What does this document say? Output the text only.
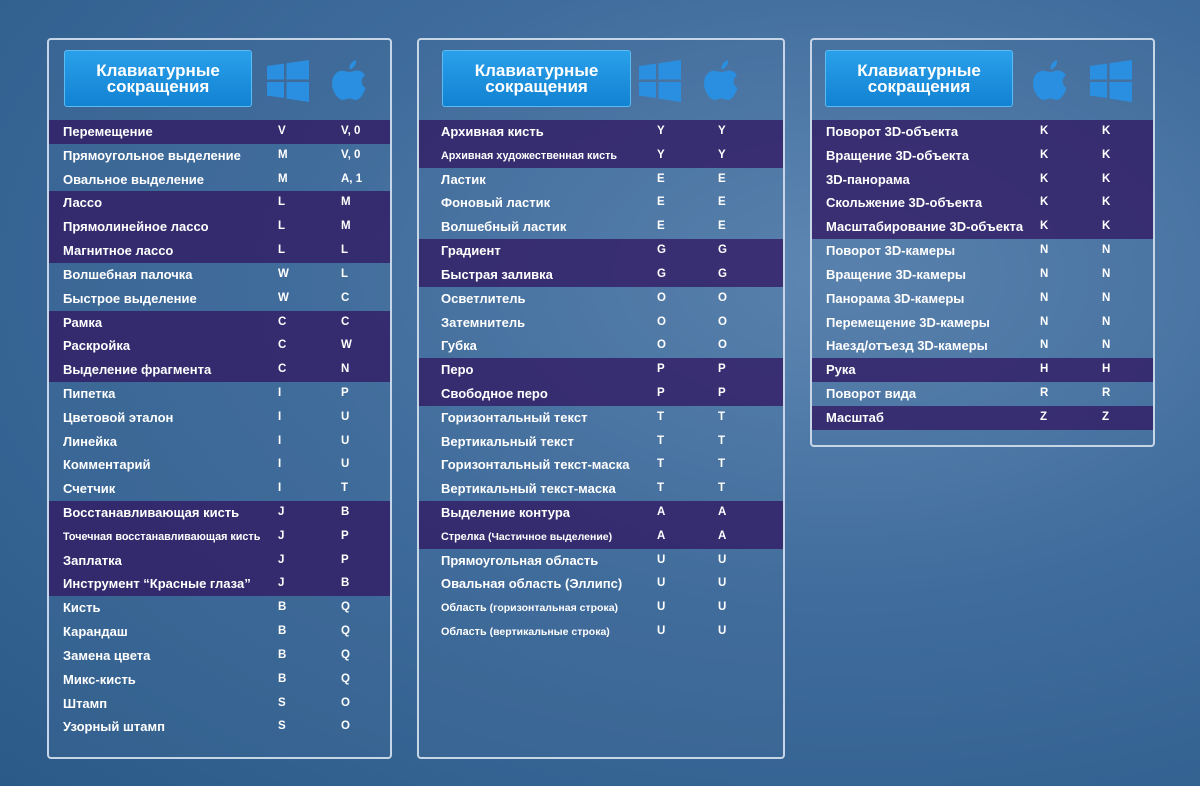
Клавиатурные
сокращения
Перемещение	V	V, 0
Прямоугольное выделение	M	V, 0
Овальное выделение	M	A, 1
Лассо	L	M
Прямолинейное лассо	L	M
Магнитное лассо	L	L
Волшебная палочка	W	L
Быстрое выделение	W	C
Рамка	C	C
Раскройка	C	W
Выделение фрагмента	C	N
Пипетка	I	P
Цветовой эталон	I	U
Линейка	I	U
Комментарий	I	U
Счетчик	I	T
Восстанавливающая кисть	J	B
Точечная восстанавливающая кисть J	P
Заплатка	J	P
Инструмент “Красные глаза” J	B
Кисть	B	Q
Карандаш	B	Q
Замена цвета	B	Q
Микс-кисть	B	Q
Штамп	S	O
Узорный штамп	S	O
Клавиатурные
сокращения
Архивная кисть	Y	Y
Архивная художественная кисть	Y	Y
Ластик	E	E
Фоновый ластик	E	E
Волшебный ластик	E	E
Градиент	G	G
Быстрая заливка	G	G
Осветлитель	O	O
Затемнитель	O	O
Губка	O	O
Перо	P	P
Свободное перо	P	P
Горизонтальный текст	T	T
Вертикальный текст	T	T
Горизонтальный текст-маска T	T
Вертикальный текст-маска	T	T
Выделение контура	A	A
Стрелка (Частичное выделение)	A	A
Прямоугольная область	U	U
Овальная область (Эллипс)	U	U
Область (горизонтальная строка)	U	U
Область (вертикальные строка)	U	U
Клавиатурные
сокращения
Поворот 3D-объекта	K	K
Вращение 3D-объекта	K	K
3D-панорама	K	K
Скольжение 3D-объекта	K	K
Масштабирование 3D-объекта K	K
Поворот 3D-камеры	N	N
Вращение 3D-камеры	N	N
Панорама 3D-камеры	N	N
Перемещение 3D-камеры	N	N
Наезд/отъезд 3D-камеры	N	N
Рука	H	H
Поворот вида	R	R
Масштаб	Z	Z
